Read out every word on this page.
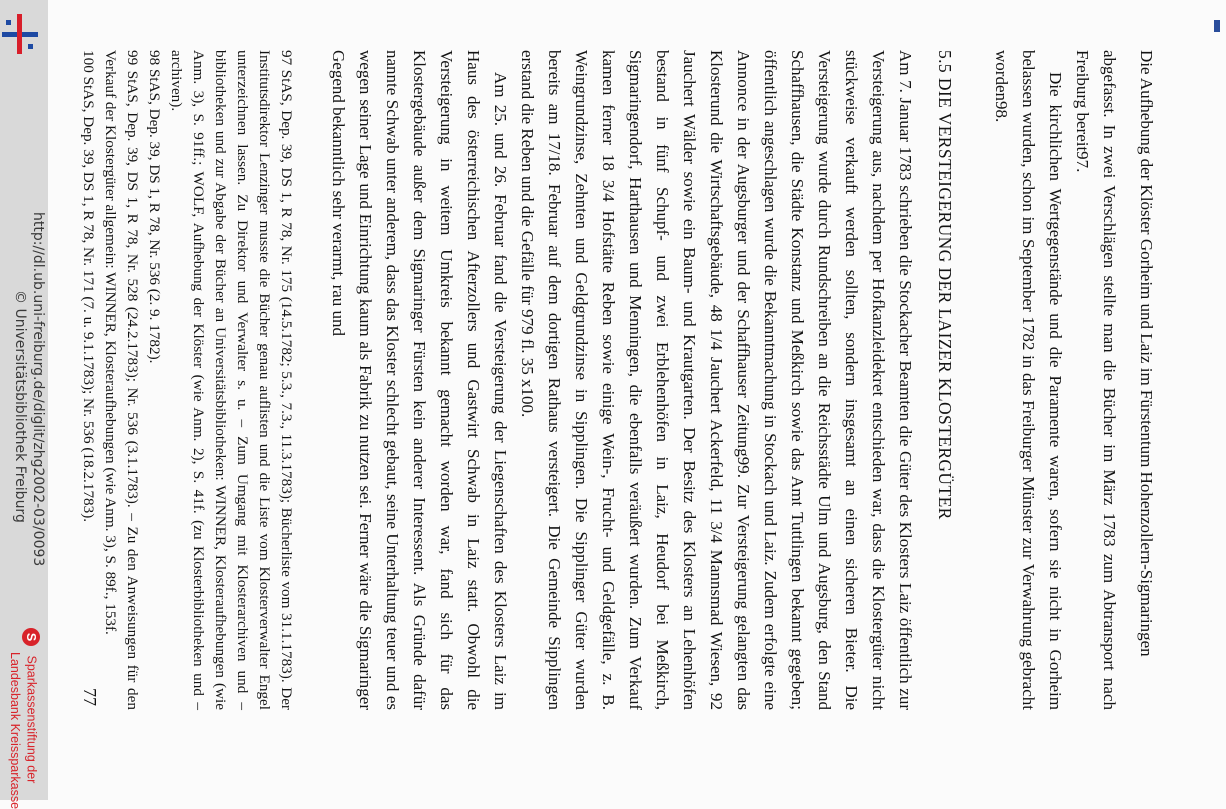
Die Aufhebung der Klöster Gorheim und Laiz im Fürstentum Hohenzollern-Sigmaringen

abgefasst. In zwei Verschlägen stellte man die Bücher im März 1783 zum Abtransport nach Freiburg bereit97.

Die kirchlichen Wertgegenstände und die Paramente waren, sofern sie nicht in Gorheim belassen wurden, schon im September 1782 in das Freiburger Münster zur Verwahrung gebracht worden98.

5.5 DIE VERSTEIGERUNG DER LAIZER KLOSTERGÜTER

Am 7. Januar 1783 schrieben die Stockacher Beamten die Güter des Klosters Laiz öffentlich zur Versteigerung aus, nachdem per Hofkanzleidekret entschieden war, dass die Klostergüter nicht stückweise verkauft werden sollten, sondern insgesamt an einen sicheren Bieter. Die Versteigerung wurde durch Rundschreiben an die Reichsstädte Ulm und Augsburg, den Stand Schaffhausen, die Städte Konstanz und Meßkirch sowie das Amt Tuttlingen bekannt gegeben; öffentlich angeschlagen wurde die Bekanntmachung in Stockach und Laiz. Zudem erfolgte eine Annonce in der Augsburger und der Schaffhauser Zeitung99. Zur Versteigerung gelangten das Klosterund die Wirtschaftsgebäude, 48 1/4 Jauchert Ackerfeld, 11 3/4 Mannsmad Wiesen, 92 Jauchert Wälder sowie ein Baum- und Krautgarten. Der Besitz des Klosters an Lehenhöfen bestand in fünf Schupf- und zwei Erblehenhöfen in Laiz, Heudorf bei Meßkirch, Sigmaringendorf, Harthausen und Menningen, die ebenfalls veräußert wurden. Zum Verkauf kamen ferner 18 3/4 Hofstätte Reben sowie einige Wein-, Frucht- und Geldgefälle, z. B. Weingrundzinse, Zehnten und Geldgrundzinse in Sipplingen. Die Sipplinger Güter wurden bereits am 17/18. Februar auf dem dortigen Rathaus versteigert. Die Gemeinde Sipplingen erstand die Reben und die Gefälle für 979 fl. 35 x100.

Am 25. und 26. Februar fand die Versteigerung der Liegenschaften des Klosters Laiz im Haus des österreichischen Afterzollers und Gastwirt Schwab in Laiz statt. Obwohl die Versteigerung in weitem Umkreis bekannt gemacht worden war, fand sich für das Klostergebäude außer dem Sigmaringer Fürsten kein anderer Interessent. Als Gründe dafür nannte Schwab unter anderem, dass das Kloster schlecht gebaut, seine Unterhaltung teuer und es wegen seiner Lage und Einrichtung kaum als Fabrik zu nutzen sei. Ferner wäre die Sigmaringer Gegend bekanntlich sehr verarmt, rau und

97 StAS, Dep. 39, DS 1, R 78, Nr. 175 (14.5.1782; 5.3., 7.3., 11.3.1783); Bücherliste vom 31.1.1783). Der Institutsdirektor Lenzinger musste die Bücher genau auflisten und die Liste vom Klosterverwalter Engel unterzeichnen lassen. Zu Direktor und Verwalter s. u. – Zum Umgang mit Klosterarchiven und –bibliotheken und zur Abgabe der Bücher an Universitätsbibliotheken: WINNER, Klosteraufhebungen (wie Anm. 3), S. 91ff.; WOLF, Aufhebung der Klöster (wie Anm. 2), S. 41f. (zu Klosterbibliotheken und –archiven).

98 StAS, Dep. 39, DS 1, R 78, Nr. 536 (2. 9. 1782).

99 StAS, Dep. 39, DS 1, R 78, Nr. 528 (24.2.1783); Nr. 536 (3.1.1783). – Zu den Anweisungen für den Verkauf der Klostergüter allgemein: WINNER, Klosteraufhebungen (wie Anm. 3), S. 89f., 153f.

100 StAS, Dep. 39, DS 1, R 78, Nr. 171 (7. u. 9.1.1783); Nr. 536 (18.2.1783).

77
http://dl.ub.uni-freiburg.de/diglit/zhg2002-03/0093
© Universitätsbibliothek Freiburg
S Sparkassenstiftung der
Landesbank Kreissparkasse
